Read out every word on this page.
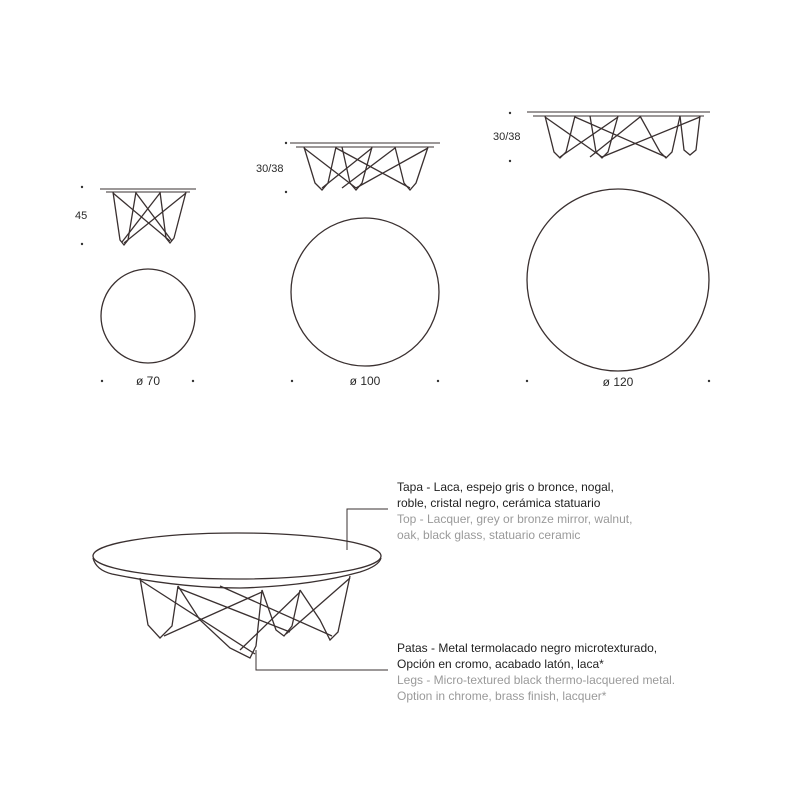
45
ø 70
30/38
ø 100
30/38
ø 120
Tapa - Laca, espejo gris o bronce, nogal,
roble, cristal negro, cerámica statuario
Top - Lacquer, grey or bronze mirror, walnut,
oak, black glass, statuario ceramic
Patas - Metal termolacado negro microtexturado,
Opción en cromo, acabado latón, laca*
Legs - Micro-textured black thermo-lacquered metal.
Option in chrome, brass finish, lacquer*
